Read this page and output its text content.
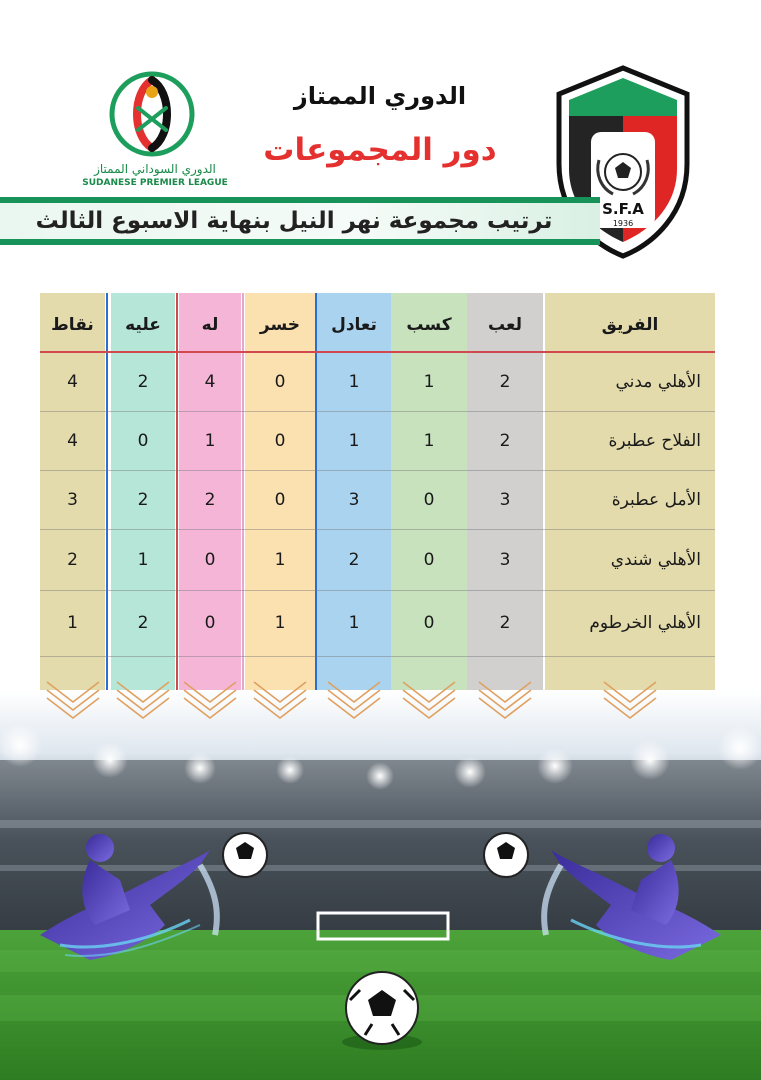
الدوري السوداني الممتاز
SUDANESE PREMIER LEAGUE
الدوري الممتاز
دور المجموعات
S.F.A
1936
ترتيب مجموعة نهر النيل بنهاية الاسبوع الثالث
الفريق
لعب
كسب
تعادل
خسر
له
عليه
نقاط
الأهلي مدني
2
1
1
0
4
2
4
الفلاح عطبرة
2
1
1
0
1
0
4
الأمل عطبرة
3
0
3
0
2
2
3
الأهلي شندي
3
0
2
1
0
1
2
الأهلي الخرطوم
2
0
1
1
0
2
1
